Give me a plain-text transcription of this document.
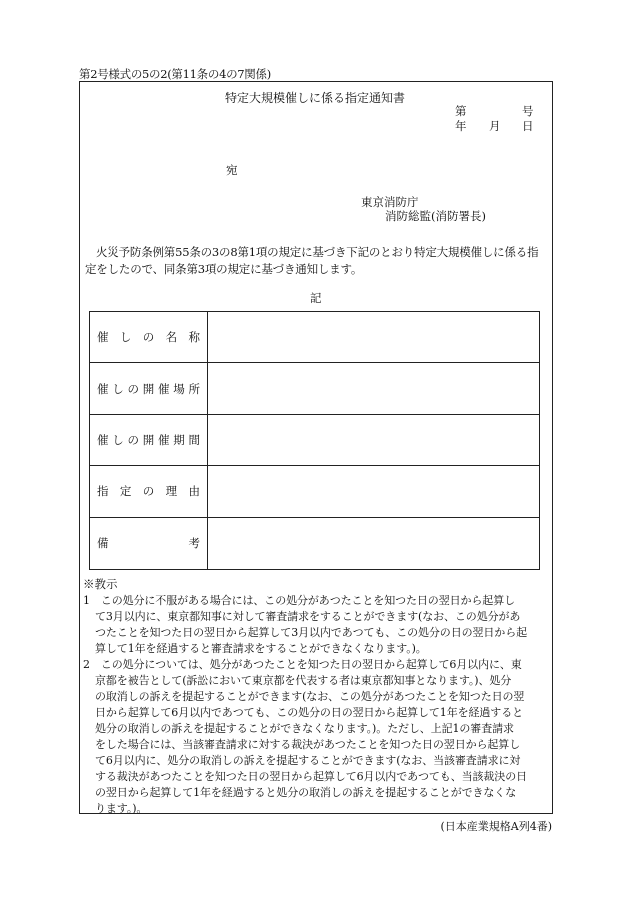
第2号様式の5の2(第11条の4の7関係)
特定大規模催しに係る指定通知書
第	号
年 月 日
宛
東京消防庁
消防総監(消防署長)
火災予防条例第55条の3の8第1項の規定に基づき下記のとおり特定大規模催しに係る指
定をしたので、同条第3項の規定に基づき通知します。
記
催しの名称
催しの開催場所
催しの開催期間
指定の理由
備考
※教示
1　この処分に不服がある場合には、この処分があつたことを知つた日の翌日から起算し
て3月以内に、東京都知事に対して審査請求をすることができます(なお、この処分があ
つたことを知つた日の翌日から起算して3月以内であつても、この処分の日の翌日から起
算して1年を経過すると審査請求をすることができなくなります。)。
2　この処分については、処分があつたことを知つた日の翌日から起算して6月以内に、東
京都を被告として(訴訟において東京都を代表する者は東京都知事となります。)、処分
の取消しの訴えを提起することができます(なお、この処分があつたことを知つた日の翌
日から起算して6月以内であつても、この処分の日の翌日から起算して1年を経過すると
処分の取消しの訴えを提起することができなくなります。)。ただし、上記1の審査請求
をした場合には、当該審査請求に対する裁決があつたことを知つた日の翌日から起算し
て6月以内に、処分の取消しの訴えを提起することができます(なお、当該審査請求に対
する裁決があつたことを知つた日の翌日から起算して6月以内であつても、当該裁決の日
の翌日から起算して1年を経過すると処分の取消しの訴えを提起することができなくな
ります。)。
(日本産業規格A列4番)
